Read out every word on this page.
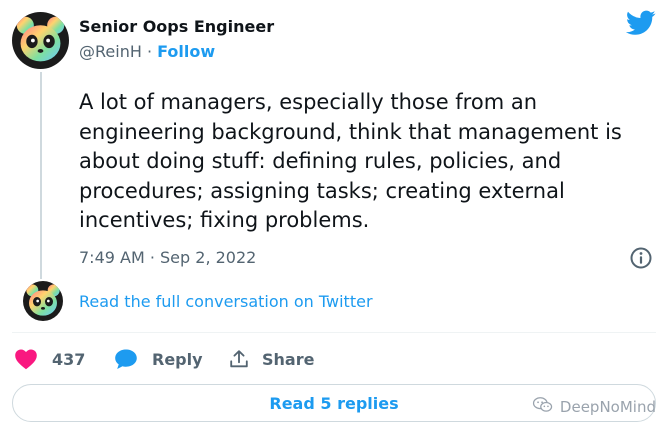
Senior Oops Engineer
@ReinH · Follow
A lot of managers, especially those from an engineering background, think that management is about doing stuff: defining rules, policies, and procedures; assigning tasks; creating external incentives; fixing problems.
7:49 AM · Sep 2, 2022
Read the full conversation on Twitter
437	Reply	Share
Read 5 replies	DeepNoMind
